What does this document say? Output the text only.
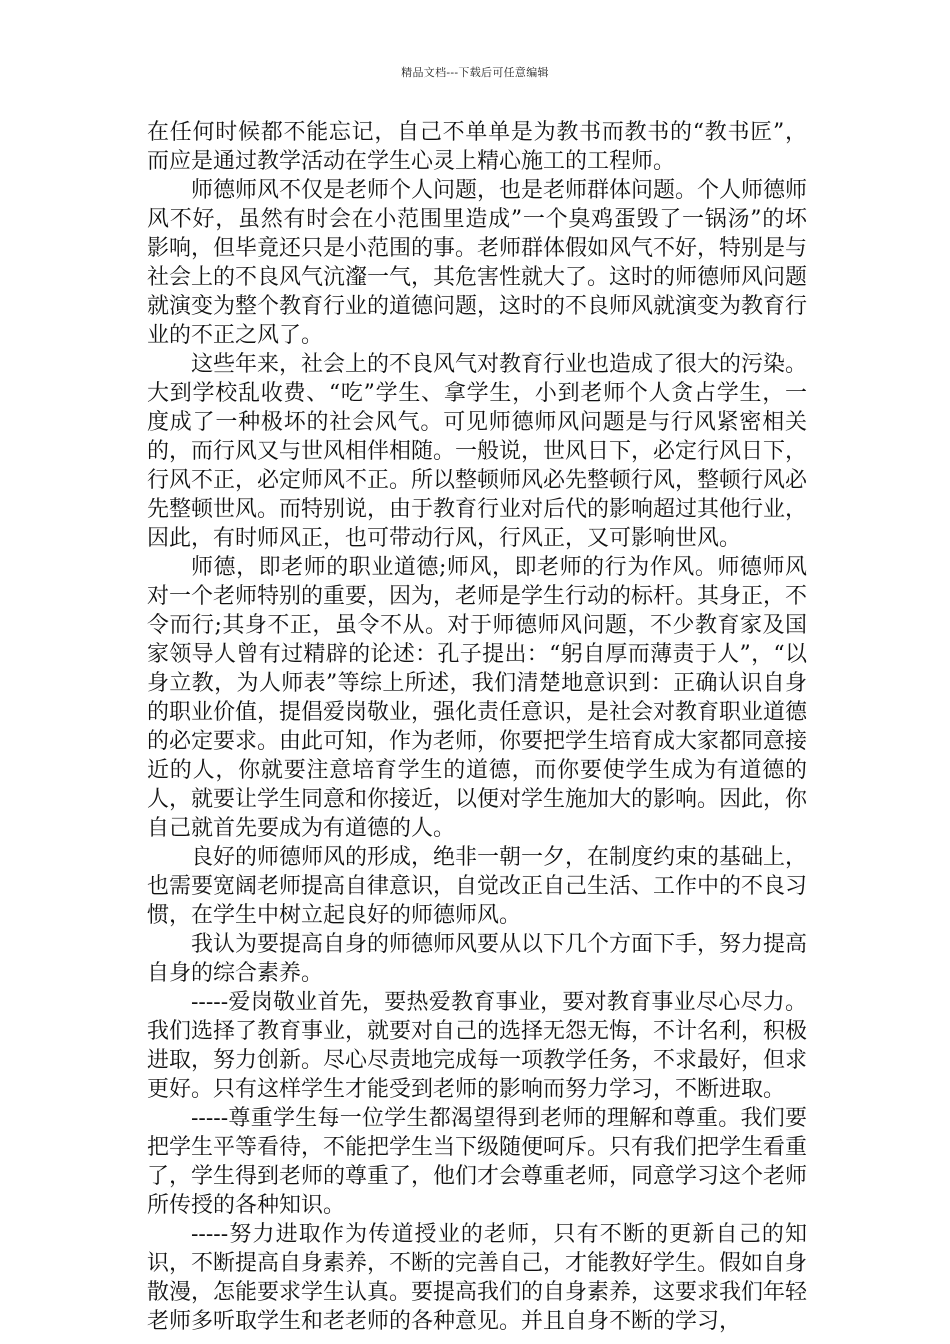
精品文档---下载后可任意编辑

在任何时候都不能忘记，自己不单单是为教书而教书的“教书匠”，而应是通过教学活动在学生心灵上精心施工的工程师。

师德师风不仅是老师个人问题，也是老师群体问题。个人师德师风不好，虽然有时会在小范围里造成”一个臭鸡蛋毁了一锅汤”的坏影响，但毕竟还只是小范围的事。老师群体假如风气不好，特别是与社会上的不良风气沆瀣一气，其危害性就大了。这时的师德师风问题就演变为整个教育行业的道德问题，这时的不良师风就演变为教育行业的不正之风了。

这些年来，社会上的不良风气对教育行业也造成了很大的污染。大到学校乱收费、“吃”学生、拿学生，小到老师个人贪占学生，一度成了一种极坏的社会风气。可见师德师风问题是与行风紧密相关的，而行风又与世风相伴相随。一般说，世风日下，必定行风日下，行风不正，必定师风不正。所以整顿师风必先整顿行风，整顿行风必先整顿世风。而特别说，由于教育行业对后代的影响超过其他行业，因此，有时师风正，也可带动行风，行风正，又可影响世风。

师德，即老师的职业道德;师风，即老师的行为作风。师德师风对一个老师特别的重要，因为，老师是学生行动的标杆。其身正，不令而行;其身不正，虽令不从。对于师德师风问题，不少教育家及国家领导人曾有过精辟的论述：孔子提出：“躬自厚而薄责于人”，“以身立教，为人师表”等综上所述，我们清楚地意识到：正确认识自身的职业价值，提倡爱岗敬业，强化责任意识，是社会对教育职业道德的必定要求。由此可知，作为老师，你要把学生培育成大家都同意接近的人，你就要注意培育学生的道德，而你要使学生成为有道德的人，就要让学生同意和你接近，以便对学生施加大的影响。因此，你自己就首先要成为有道德的人。

良好的师德师风的形成，绝非一朝一夕，在制度约束的基础上，也需要宽阔老师提高自律意识，自觉改正自己生活、工作中的不良习惯，在学生中树立起良好的师德师风。

我认为要提高自身的师德师风要从以下几个方面下手，努力提高自身的综合素养。

-----爱岗敬业首先，要热爱教育事业，要对教育事业尽心尽力。我们选择了教育事业，就要对自己的选择无怨无悔，不计名利，积极进取，努力创新。尽心尽责地完成每一项教学任务，不求最好，但求更好。只有这样学生才能受到老师的影响而努力学习，不断进取。

-----尊重学生每一位学生都渴望得到老师的理解和尊重。我们要把学生平等看待，不能把学生当下级随便呵斥。只有我们把学生看重了，学生得到老师的尊重了，他们才会尊重老师，同意学习这个老师所传授的各种知识。

-----努力进取作为传道授业的老师，只有不断的更新自己的知识，不断提高自身素养，不断的完善自己，才能教好学生。假如自身散漫，怎能要求学生认真。要提高我们的自身素养，这要求我们年轻老师多听取学生和老老师的各种意见。并且自身不断的学习，
